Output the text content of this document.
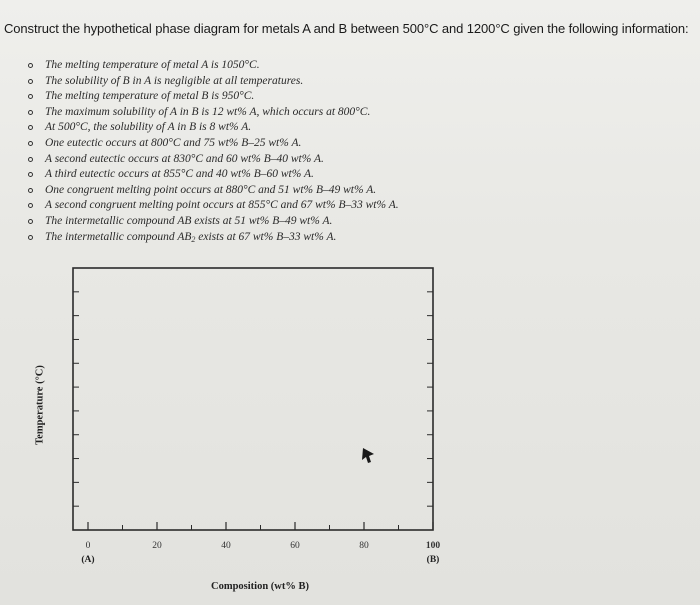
Construct the hypothetical phase diagram for metals A and B between 500°C and 1200°C given the following information:
The melting temperature of metal A is 1050°C.
The solubility of B in A is negligible at all temperatures.
The melting temperature of metal B is 950°C.
The maximum solubility of A in B is 12 wt% A, which occurs at 800°C.
At 500°C, the solubility of A in B is 8 wt% A.
One eutectic occurs at 800°C and 75 wt% B–25 wt% A.
A second eutectic occurs at 830°C and 60 wt% B–40 wt% A.
A third eutectic occurs at 855°C and 40 wt% B–60 wt% A.
One congruent melting point occurs at 880°C and 51 wt% B–49 wt% A.
A second congruent melting point occurs at 855°C and 67 wt% B–33 wt% A.
The intermetallic compound AB exists at 51 wt% B–49 wt% A.
The intermetallic compound $AB_2$ exists at 67 wt% B–33 wt% A.
0	20	40	60	80	100
Temperature (°C)
Composition (wt% B)
(A)	(B)
